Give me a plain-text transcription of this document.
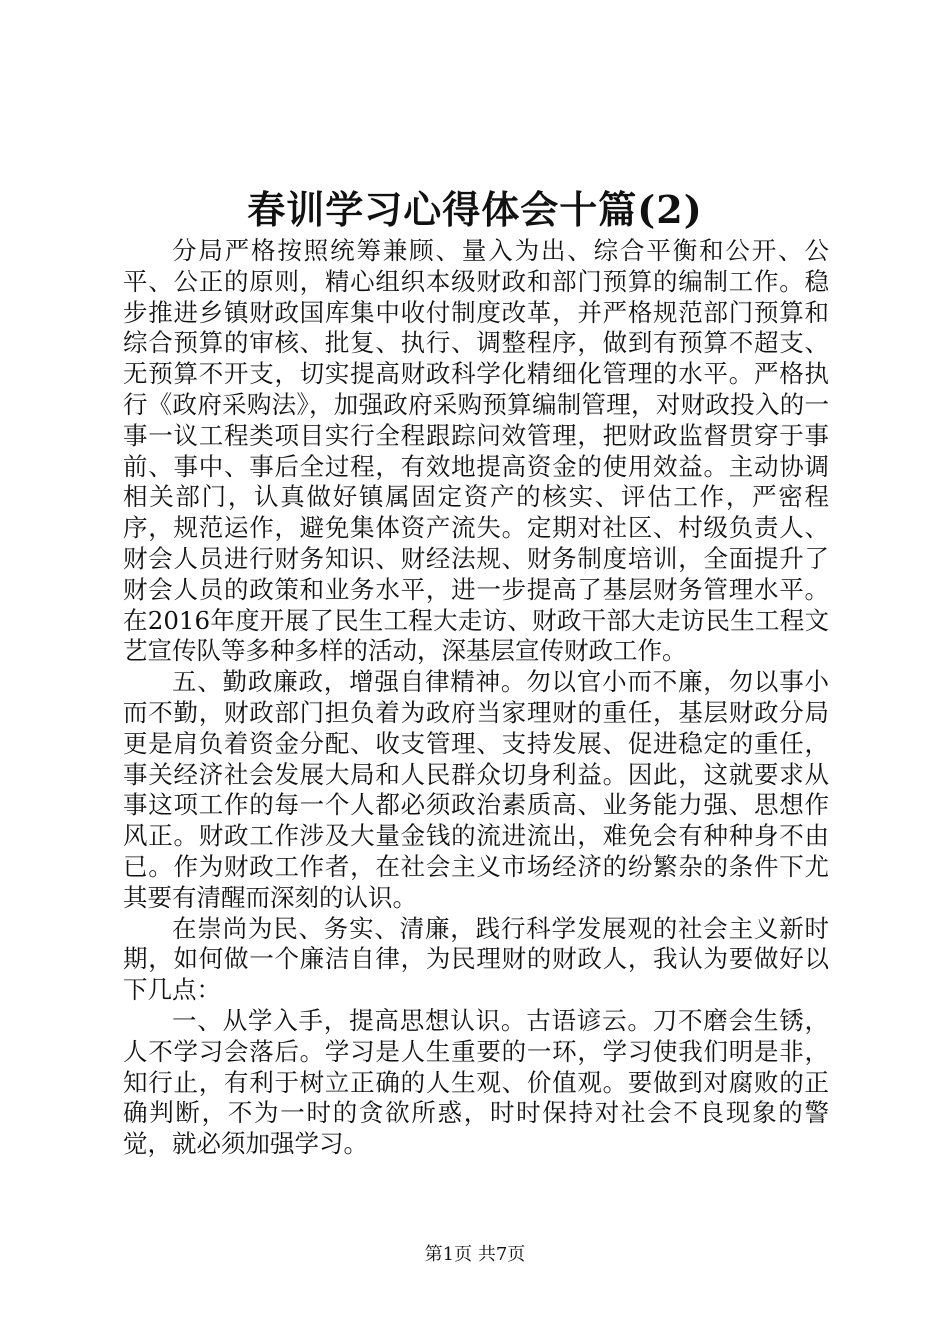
春训学习心得体会十篇(2)

分局严格按照统筹兼顾、量入为出、综合平衡和公开、公平、公正的原则，精心组织本级财政和部门预算的编制工作。稳步推进乡镇财政国库集中收付制度改革，并严格规范部门预算和综合预算的审核、批复、执行、调整程序，做到有预算不超支、无预算不开支，切实提高财政科学化精细化管理的水平。严格执行《政府采购法》，加强政府采购预算编制管理，对财政投入的一事一议工程类项目实行全程跟踪问效管理，把财政监督贯穿于事前、事中、事后全过程，有效地提高资金的使用效益。主动协调相关部门，认真做好镇属固定资产的核实、评估工作，严密程序，规范运作，避免集体资产流失。定期对社区、村级负责人、财会人员进行财务知识、财经法规、财务制度培训，全面提升了财会人员的政策和业务水平，进一步提高了基层财务管理水平。在2016年度开展了民生工程大走访、财政干部大走访民生工程文艺宣传队等多种多样的活动，深基层宣传财政工作。

五、勤政廉政，增强自律精神。勿以官小而不廉，勿以事小而不勤，财政部门担负着为政府当家理财的重任，基层财政分局更是肩负着资金分配、收支管理、支持发展、促进稳定的重任，事关经济社会发展大局和人民群众切身利益。因此，这就要求从事这项工作的每一个人都必须政治素质高、业务能力强、思想作风正。财政工作涉及大量金钱的流进流出，难免会有种种身不由已。作为财政工作者，在社会主义市场经济的纷繁杂的条件下尤其要有清醒而深刻的认识。

在崇尚为民、务实、清廉，践行科学发展观的社会主义新时期，如何做一个廉洁自律，为民理财的财政人，我认为要做好以下几点：

一、从学入手，提高思想认识。古语谚云。刀不磨会生锈，人不学习会落后。学习是人生重要的一环，学习使我们明是非，知行止，有利于树立正确的人生观、价值观。要做到对腐败的正确判断，不为一时的贪欲所惑，时时保持对社会不良现象的警觉，就必须加强学习。

第1页 共7页
